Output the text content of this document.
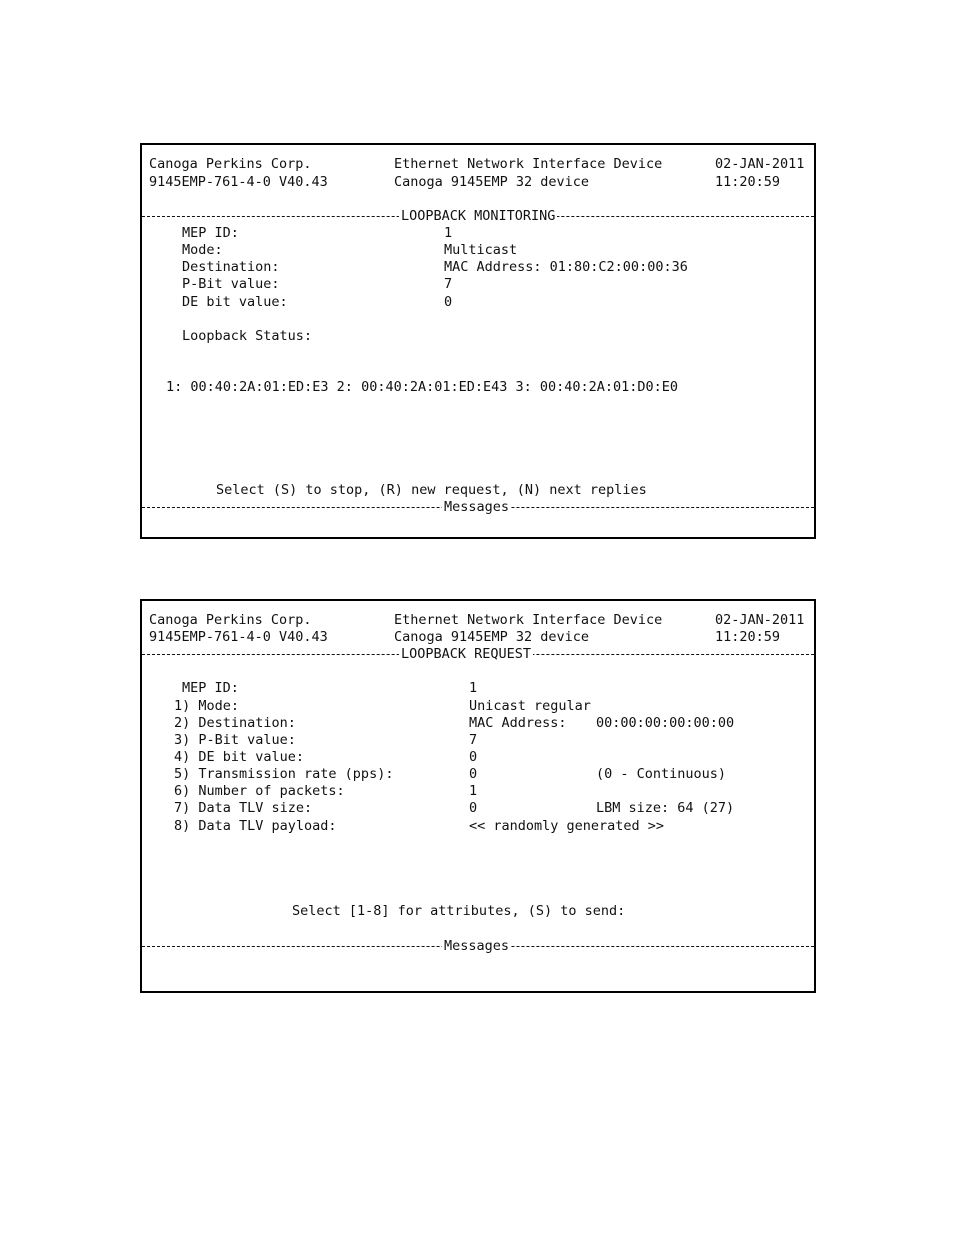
Canoga Perkins Corp.	Ethernet Network Interface Device	02-JAN-2011
9145EMP-761-4-0 V40.43	Canoga 9145EMP 32 device	11:20:59
LOOPBACK MONITORING
MEP ID:	1
Mode:	Multicast
Destination:	MAC Address: 01:80:C2:00:00:36
P-Bit value:	7
DE bit value:	0
Loopback Status:
1: 00:40:2A:01:ED:E3 2: 00:40:2A:01:ED:E43 3: 00:40:2A:01:D0:E0
Select (S) to stop, (R) new request, (N) next replies
Messages
Canoga Perkins Corp.	Ethernet Network Interface Device	02-JAN-2011
9145EMP-761-4-0 V40.43	Canoga 9145EMP 32 device	11:20:59
LOOPBACK REQUEST
MEP ID:	1
1) Mode:	Unicast regular
2) Destination:	MAC Address: 00:00:00:00:00:00
3) P-Bit value:	7
4) DE bit value:	0
5) Transmission rate (pps):	0	(0 - Continuous)
6) Number of packets:	1
7) Data TLV size:	0	LBM size: 64 (27)
8) Data TLV payload:	<< randomly generated >>
Select [1-8] for attributes, (S) to send:
Messages
